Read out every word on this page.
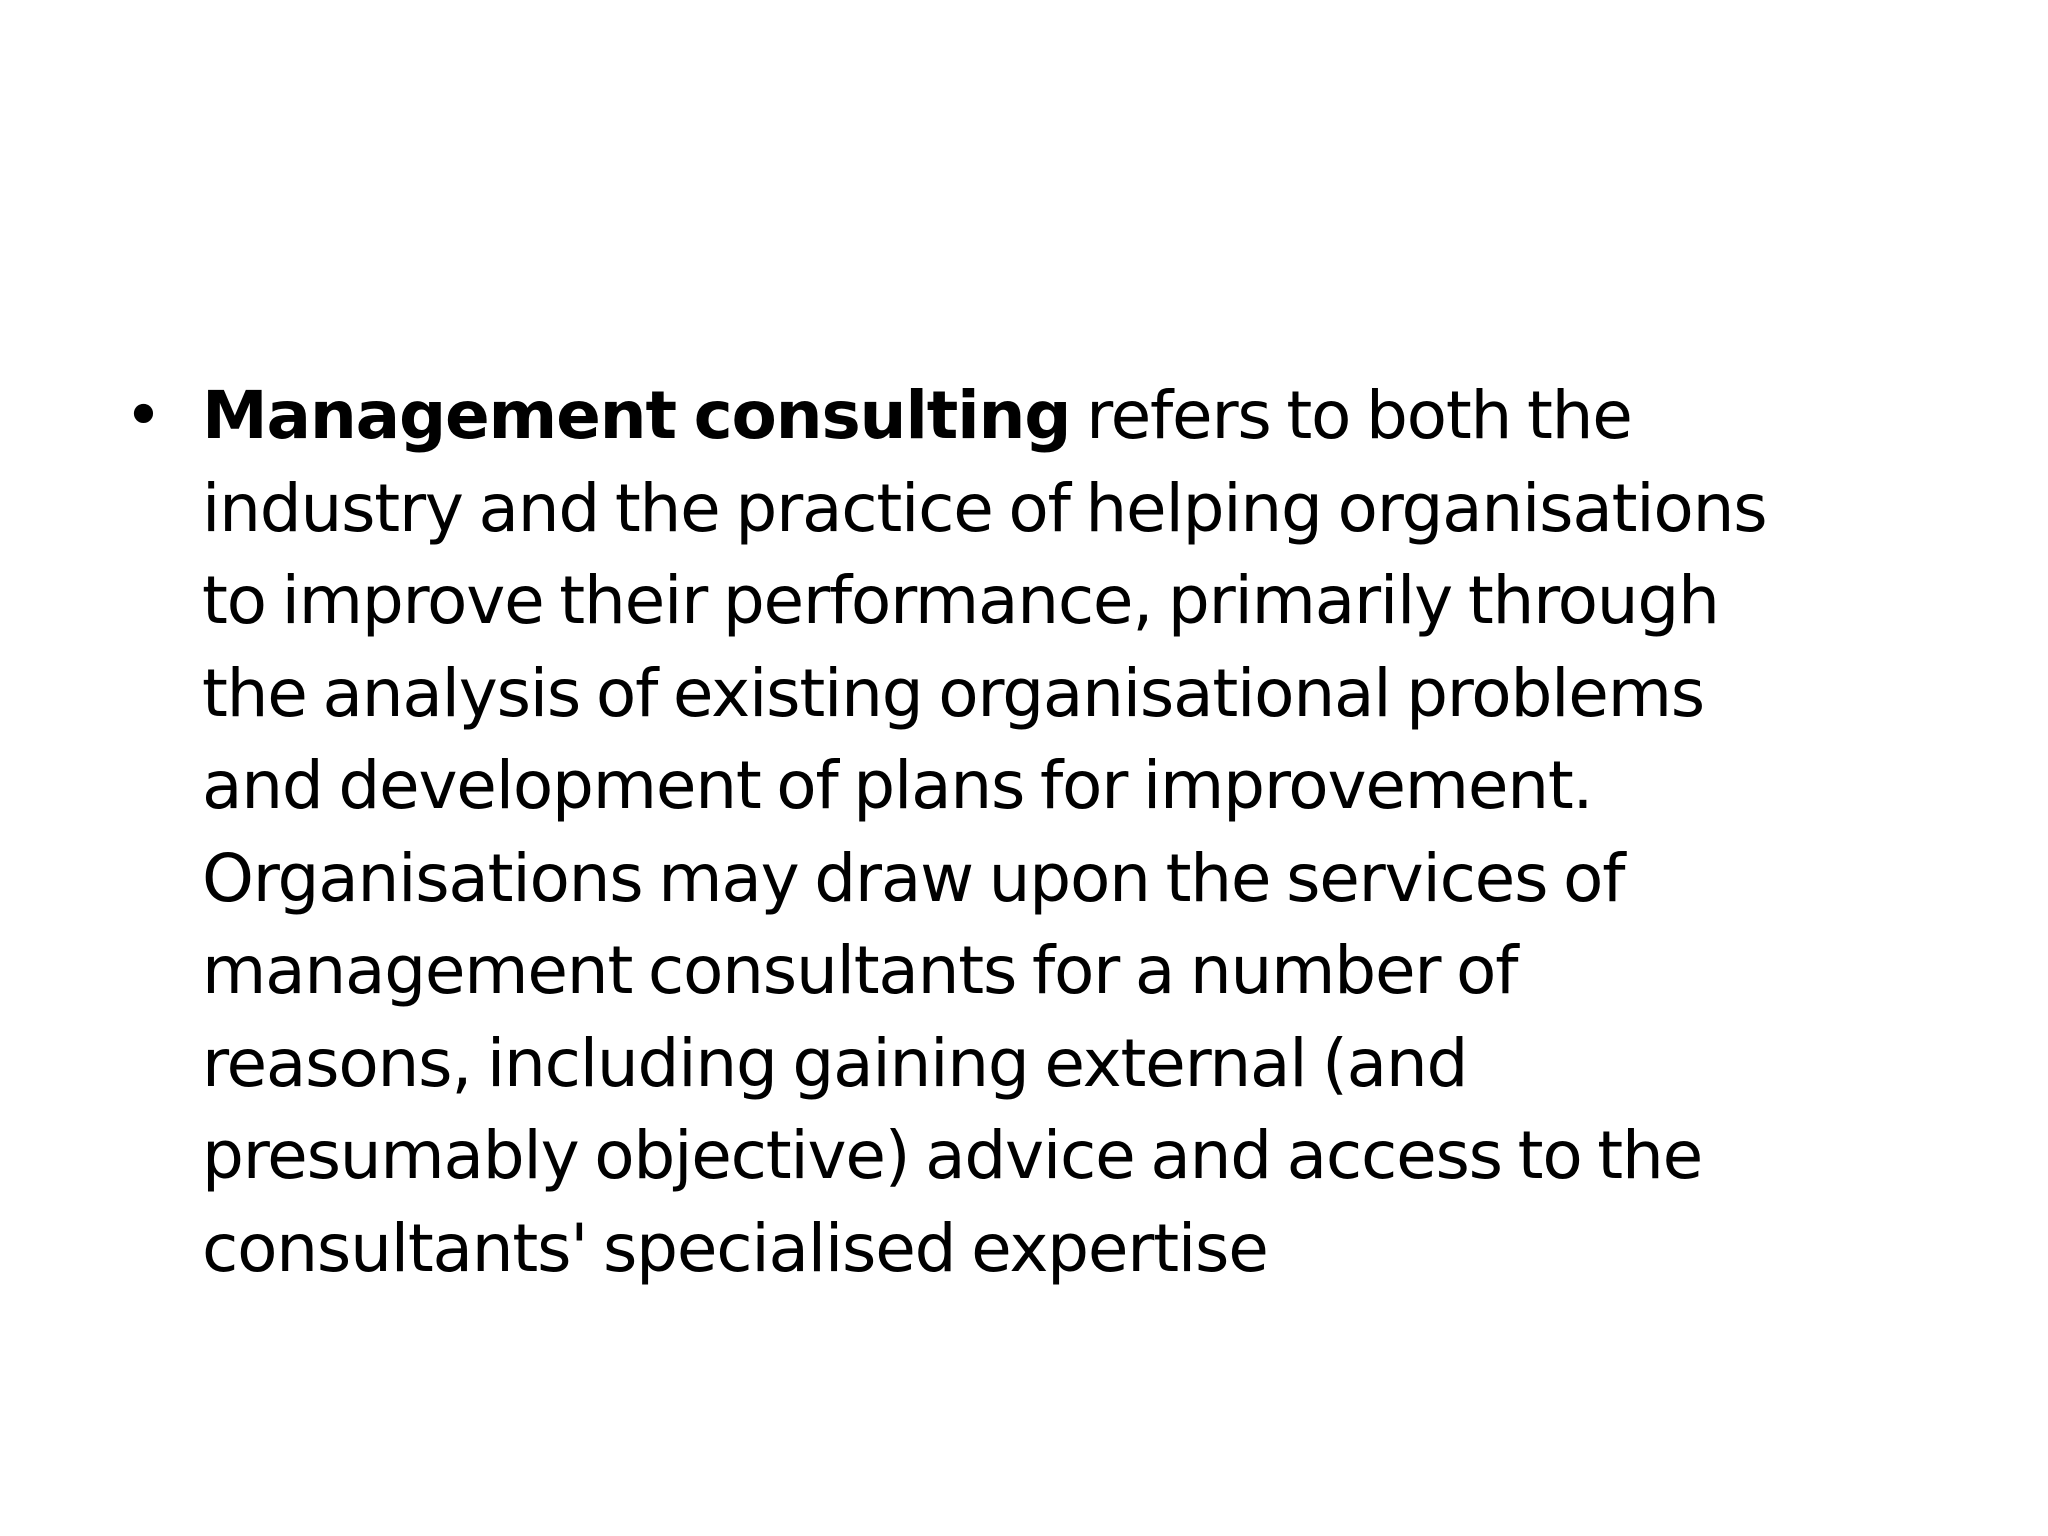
• Management consulting refers to both the
industry and the practice of helping organisations
to improve their performance, primarily through
the analysis of existing organisational problems
and development of plans for improvement.
Organisations may draw upon the services of
management consultants for a number of
reasons, including gaining external (and
presumably objective) advice and access to the
consultants' specialised expertise
